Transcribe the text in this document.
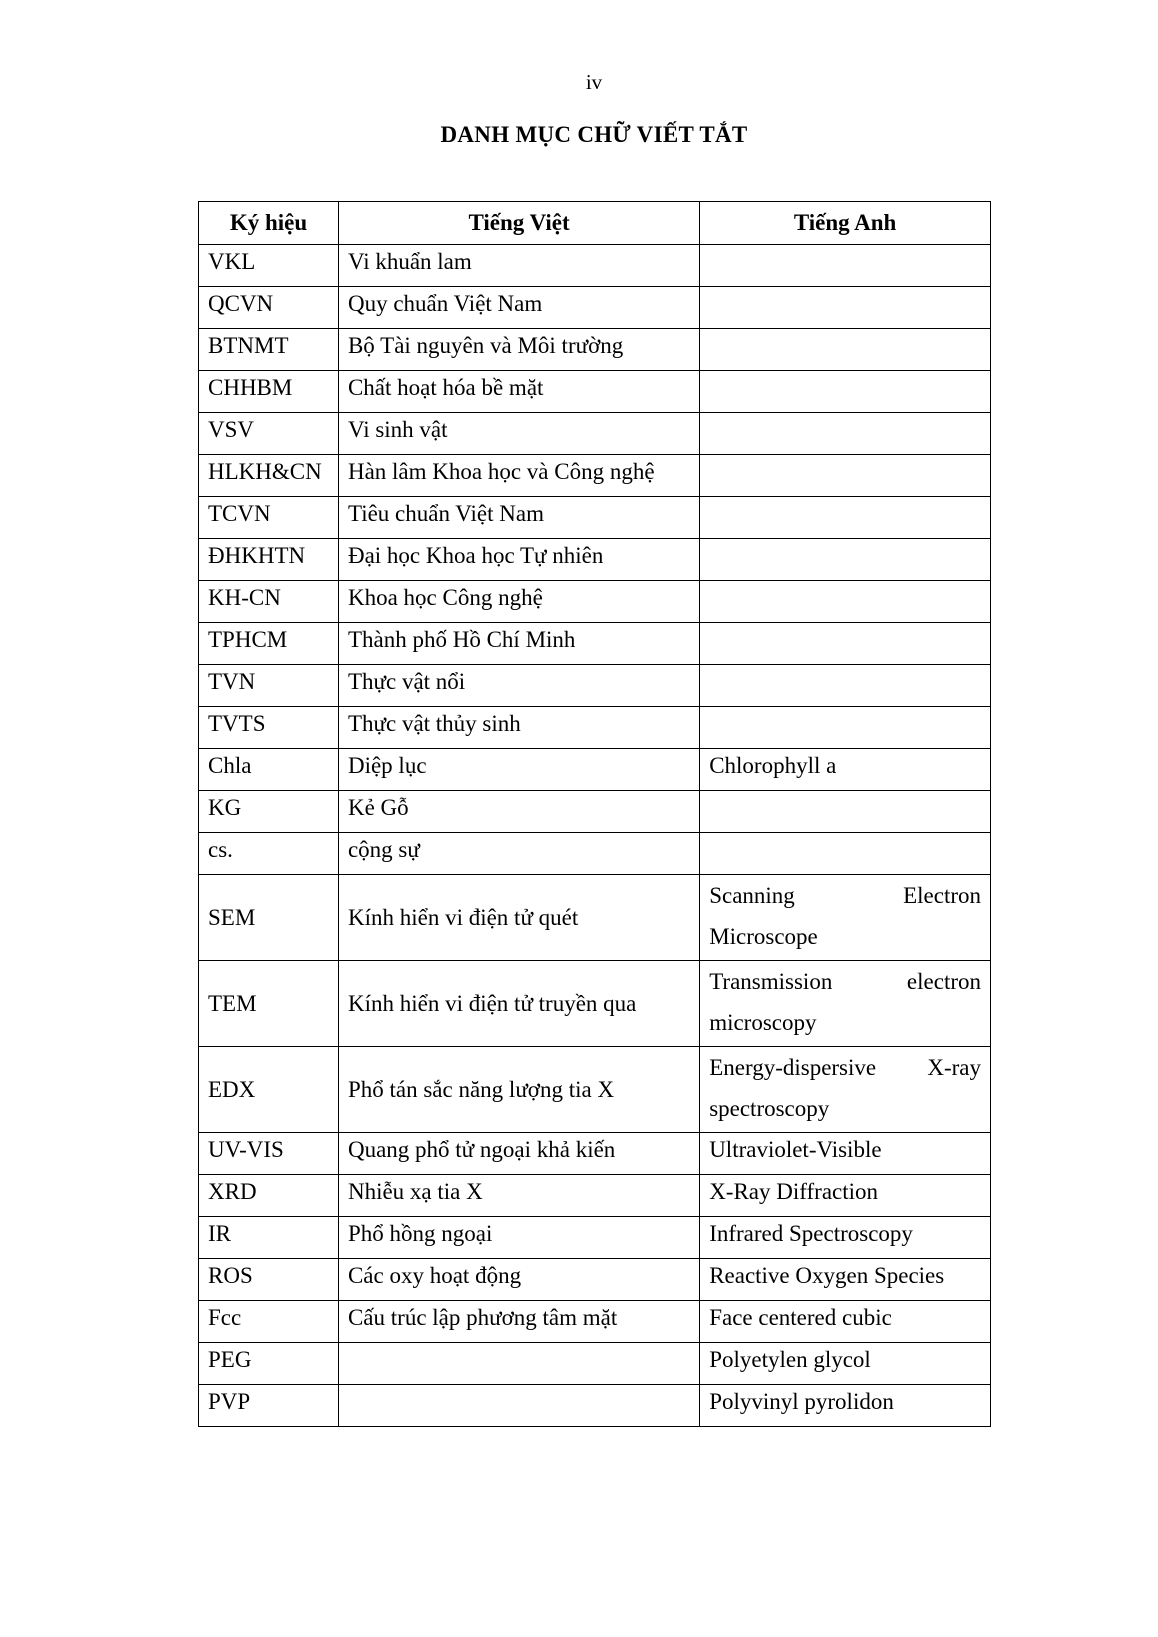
iv
DANH MỤC CHỮ VIẾT TẮT
Ký hiệu	Tiếng Việt	Tiếng Anh
VKL	Vi khuẩn lam	
QCVN	Quy chuẩn Việt Nam	
BTNMT	Bộ Tài nguyên và Môi trường	
CHHBM	Chất hoạt hóa bề mặt	
VSV	Vi sinh vật	
HLKH&CN	Hàn lâm Khoa học và Công nghệ	
TCVN	Tiêu chuẩn Việt Nam	
ĐHKHTN	Đại học Khoa học Tự nhiên	
KH-CN	Khoa học Công nghệ	
TPHCM	Thành phố Hồ Chí Minh	
TVN	Thực vật nổi	
TVTS	Thực vật thủy sinh	
Chla	Diệp lục	Chlorophyll a
KG	Kẻ Gỗ	
cs.	cộng sự	
SEM	Kính hiển vi điện tử quét	Scanning Electron
Microscope

TEM	Kính hiển vi điện tử truyền qua	Transmission electron
microscopy

EDX	Phổ tán sắc năng lượng tia X	Energy-dispersive X-ray
spectroscopy

UV-VIS	Quang phổ tử ngoại khả kiến	Ultraviolet-Visible
XRD	Nhiễu xạ tia X	X-Ray Diffraction
IR	Phổ hồng ngoại	Infrared Spectroscopy
ROS	Các oxy hoạt động	Reactive Oxygen Species
Fcc	Cấu trúc lập phương tâm mặt	Face centered cubic
PEG		Polyetylen glycol
PVP		Polyvinyl pyrolidon
